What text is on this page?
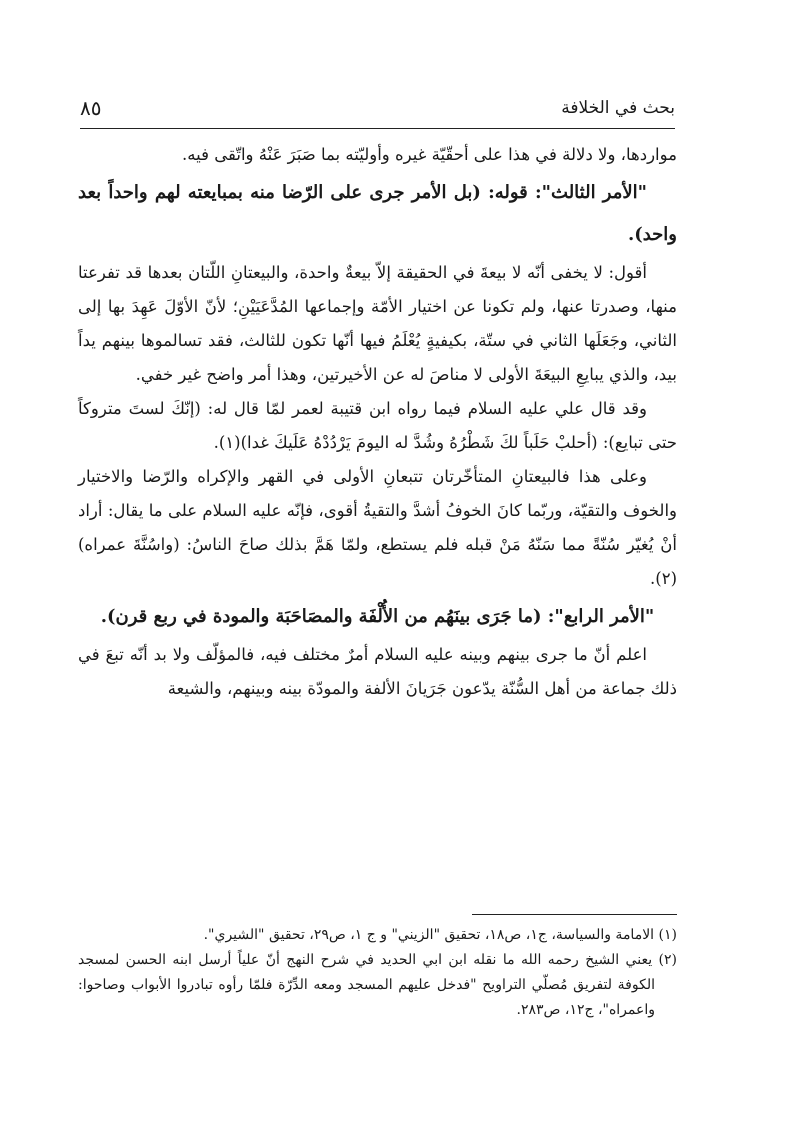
بحث في الخلافة
٨٥

مواردها، ولا دلالة في هذا على أحقّيّة غيره وأوليّته بما صَبَرَ عَنْهُ واتّقى فيه.

"الأمر الثالث": قوله: (بل الأمر جرى على الرّضا منه بمبايعته لهم واحداً بعد واحد).

أقول: لا يخفى أنّه لا بيعةَ في الحقيقة إلاّ بيعةٌ واحدة، والبيعتانِ اللّتان بعدها قد تفرعتا منها، وصدرتا عنها، ولم تكونا عن اختيار الأمّة وإجماعها المُدَّعَيَيْنِ؛ لأنّ الأوّلَ عَهِدَ بها إلى الثاني، وجَعَلَها الثاني في ستّة، بكيفيةٍ يُعْلَمُ فيها أنّها تكون للثالث، فقد تسالموها بينهم يداً بيد، والذي يبايعِ البيعَةَ الأولى لا مناصَ له عن الأخيرتين، وهذا أمر واضح غير خفي.

وقد قال علي عليه السلام فيما رواه ابن قتيبة لعمر لمّا قال له: (إنّكَ لستَ متروكاً حتى تبايع): (أحلبْ حَلَباً لكَ شَطْرُهُ وشُدَّ له اليومَ يَرْدُدْهُ عَلَيكَ غدا)(١).

وعلى هذا فالبيعتانِ المتأخّرتان تتبعانِ الأولى في القهر والإكراه والرّضا والاختيار والخوف والتقيّة، وربّما كانَ الخوفُ أشدَّ والتقيةُ أقوى، فإنّه عليه السلام على ما يقال: أراد أنْ يُغيّر سُنّةً مما سَنّهُ مَنْ قبله فلم يستطع، ولمّا هَمَّ بذلك صاحَ الناسُ: (واسُنَّةَ عمراه)(٢).

"الأمر الرابع": (ما جَرَى بينَهُم من الأُلْفَة والمصَاحَبَة والمودة في ربع قرن).

اعلم أنّ ما جرى بينهم وبينه عليه السلام أمرٌ مختلف فيه، فالمؤلّف ولا بد أنّه تبعَ في ذلك جماعة من أهل السُّنّة يدّعون جَرَيانَ الألفة والمودّة بينه وبينهم، والشيعة

(١) الامامة والسياسة، ج١، ص١٨، تحقيق "الزيني" و ج ١، ص٢٩، تحقيق "الشيري".

(٢) يعني الشيخ رحمه الله ما نقله ابن ابي الحديد في شرح النهج أنّ علياً أرسل ابنه الحسن لمسجد الكوفة لتفريق مُصلّي التراويح "فدخل عليهم المسجد ومعه الدِّرّة فلمّا رأوه تبادروا الأبواب وصاحوا: واعمراه"، ج١٢، ص٢٨٣.
